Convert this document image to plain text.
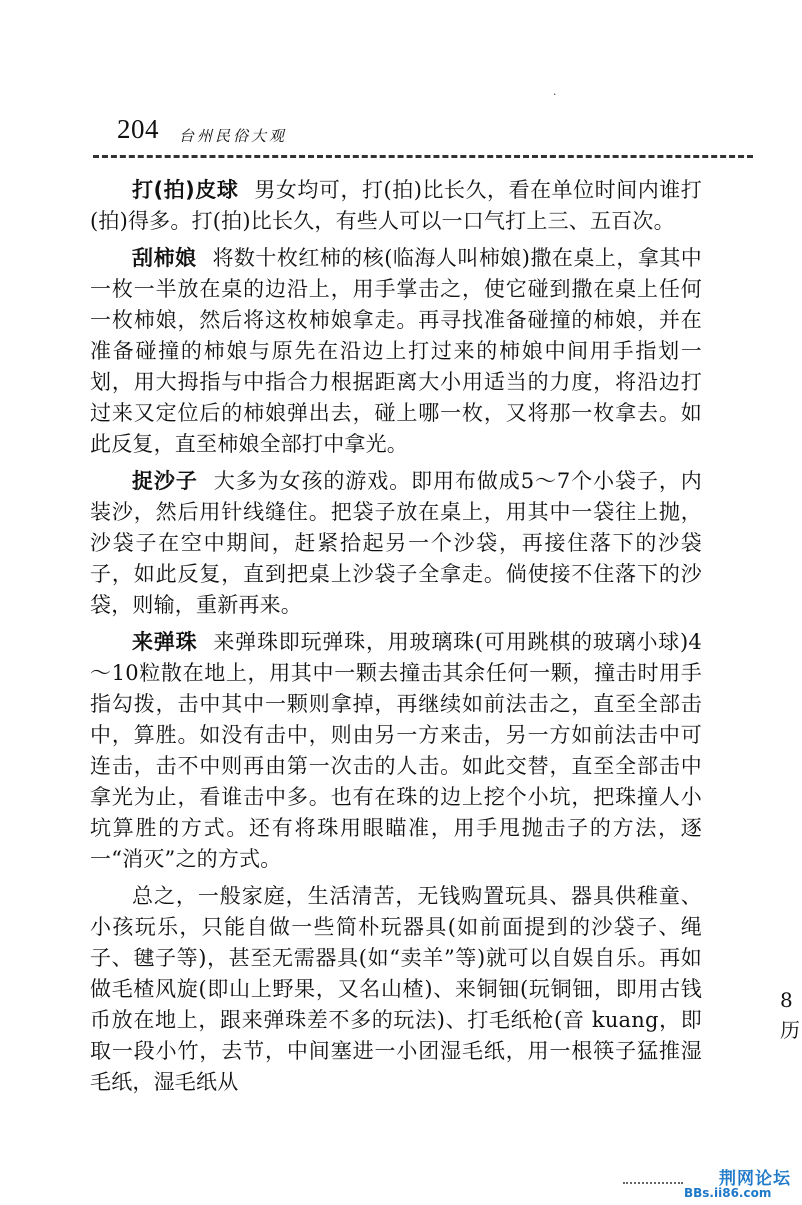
204 台州民俗大观
·

打(拍)皮球 男女均可，打(拍)比长久，看在单位时间内谁打(拍)得多。打(拍)比长久，有些人可以一口气打上三、五百次。

刮柿娘 将数十枚红柿的核(临海人叫柿娘)撒在桌上，拿其中一枚一半放在桌的边沿上，用手掌击之，使它碰到撒在桌上任何一枚柿娘，然后将这枚柿娘拿走。再寻找准备碰撞的柿娘，并在准备碰撞的柿娘与原先在沿边上打过来的柿娘中间用手指划一划，用大拇指与中指合力根据距离大小用适当的力度，将沿边打过来又定位后的柿娘弹出去，碰上哪一枚，又将那一枚拿去。如此反复，直至柿娘全部打中拿光。

捉沙子 大多为女孩的游戏。即用布做成5～7个小袋子，内装沙，然后用针线缝住。把袋子放在桌上，用其中一袋往上抛，沙袋子在空中期间，赶紧拾起另一个沙袋，再接住落下的沙袋子，如此反复，直到把桌上沙袋子全拿走。倘使接不住落下的沙袋，则输，重新再来。

来弹珠 来弹珠即玩弹珠，用玻璃珠(可用跳棋的玻璃小球)4～10粒散在地上，用其中一颗去撞击其余任何一颗，撞击时用手指勾拨，击中其中一颗则拿掉，再继续如前法击之，直至全部击中，算胜。如没有击中，则由另一方来击，另一方如前法击中可连击，击不中则再由第一次击的人击。如此交替，直至全部击中拿光为止，看谁击中多。也有在珠的边上挖个小坑，把珠撞人小坑算胜的方式。还有将珠用眼瞄准，用手甩抛击子的方法，逐一“消灭”之的方式。

总之，一般家庭，生活清苦，无钱购置玩具、器具供稚童、小孩玩乐，只能自做一些简朴玩器具(如前面提到的沙袋子、绳子、毽子等)，甚至无需器具(如“卖羊”等)就可以自娱自乐。再如做毛楂风旋(即山上野果，又名山楂)、来铜钿(玩铜钿，即用古钱币放在地上，跟来弹珠差不多的玩法)、打毛纸枪(音 kuang，即取一段小竹，去节，中间塞进一小团湿毛纸，用一根筷子猛推湿毛纸，湿毛纸从

8
历
荆网论坛
BBs.ii86.com
